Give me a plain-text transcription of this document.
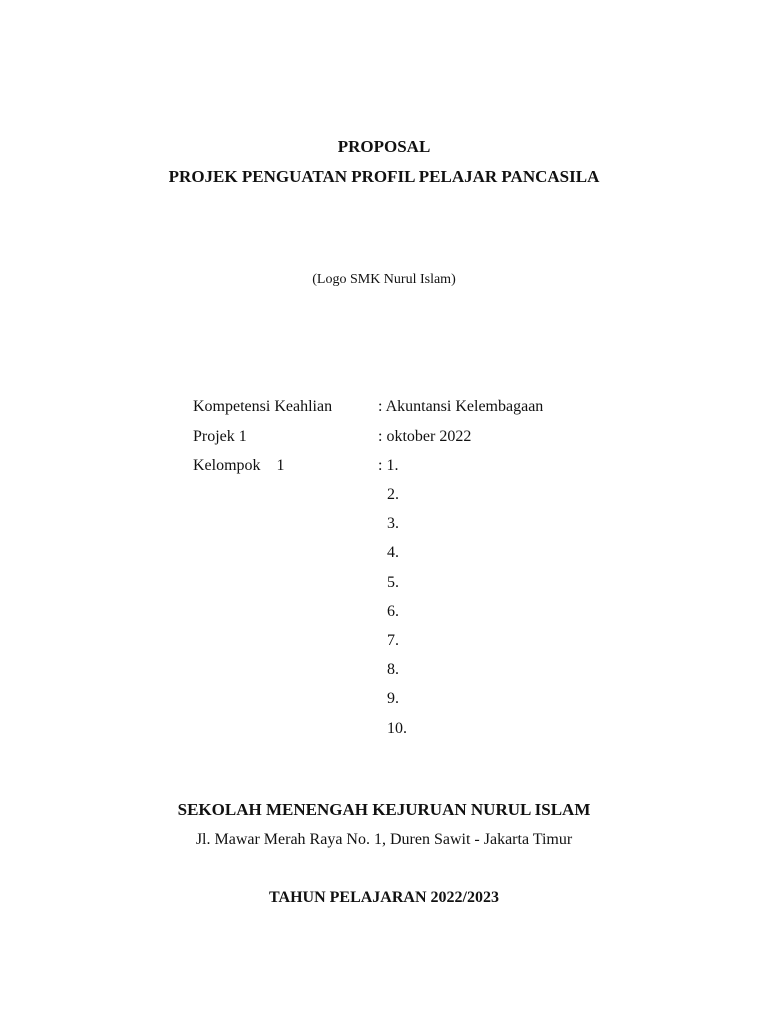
PROPOSAL
PROJEK PENGUATAN PROFIL PELAJAR PANCASILA
(Logo SMK Nurul Islam)
Kompetensi Keahlian	: Akuntansi Kelembagaan
Projek 1	: oktober 2022
Kelompok    1	: 1.
2.
3.
4.
5.
6.
7.
8.
9.
10.
SEKOLAH MENENGAH KEJURUAN NURUL ISLAM
Jl. Mawar Merah Raya No. 1, Duren Sawit - Jakarta Timur
TAHUN PELAJARAN 2022/2023
